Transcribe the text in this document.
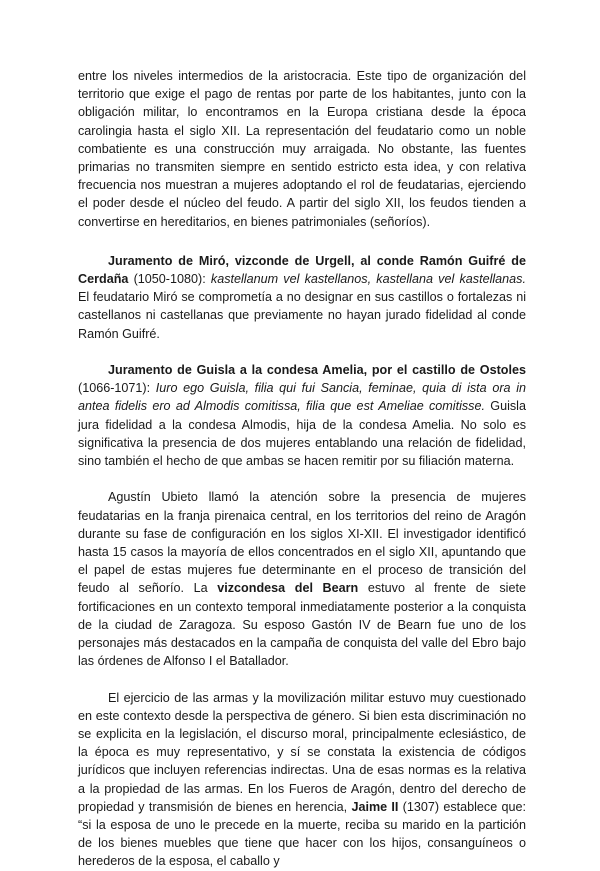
entre los niveles intermedios de la aristocracia. Este tipo de organización del territorio que exige el pago de rentas por parte de los habitantes, junto con la obligación militar, lo encontramos en la Europa cristiana desde la época carolingia hasta el siglo XII. La representación del feudatario como un noble combatiente es una construcción muy arraigada. No obstante, las fuentes primarias no transmiten siempre en sentido estricto esta idea, y con relativa frecuencia nos muestran a mujeres adoptando el rol de feudatarias, ejerciendo el poder desde el núcleo del feudo. A partir del siglo XII, los feudos tienden a convertirse en hereditarios, en bienes patrimoniales (señoríos).

Juramento de Miró, vizconde de Urgell, al conde Ramón Guifré de Cerdaña (1050-1080): kastellanum vel kastellanos, kastellana vel kastellanas. El feudatario Miró se comprometía a no designar en sus castillos o fortalezas ni castellanos ni castellanas que previamente no hayan jurado fidelidad al conde Ramón Guifré.

Juramento de Guisla a la condesa Amelia, por el castillo de Ostoles (1066-1071): Iuro ego Guisla, filia qui fui Sancia, feminae, quia di ista ora in antea fidelis ero ad Almodis comitissa, filia que est Ameliae comitisse. Guisla jura fidelidad a la condesa Almodis, hija de la condesa Amelia. No solo es significativa la presencia de dos mujeres entablando una relación de fidelidad, sino también el hecho de que ambas se hacen remitir por su filiación materna.

Agustín Ubieto llamó la atención sobre la presencia de mujeres feudatarias en la franja pirenaica central, en los territorios del reino de Aragón durante su fase de configuración en los siglos XI-XII. El investigador identificó hasta 15 casos la mayoría de ellos concentrados en el siglo XII, apuntando que el papel de estas mujeres fue determinante en el proceso de transición del feudo al señorío. La vizcondesa del Bearn estuvo al frente de siete fortificaciones en un contexto temporal inmediatamente posterior a la conquista de la ciudad de Zaragoza. Su esposo Gastón IV de Bearn fue uno de los personajes más destacados en la campaña de conquista del valle del Ebro bajo las órdenes de Alfonso I el Batallador.

El ejercicio de las armas y la movilización militar estuvo muy cuestionado en este contexto desde la perspectiva de género. Si bien esta discriminación no se explicita en la legislación, el discurso moral, principalmente eclesiástico, de la época es muy representativo, y sí se constata la existencia de códigos jurídicos que incluyen referencias indirectas. Una de esas normas es la relativa a la propiedad de las armas. En los Fueros de Aragón, dentro del derecho de propiedad y transmisión de bienes en herencia, Jaime II (1307) establece que: “si la esposa de uno le precede en la muerte, reciba su marido en la partición de los bienes muebles que tiene que hacer con los hijos, consanguíneos o herederos de la esposa, el caballo y
